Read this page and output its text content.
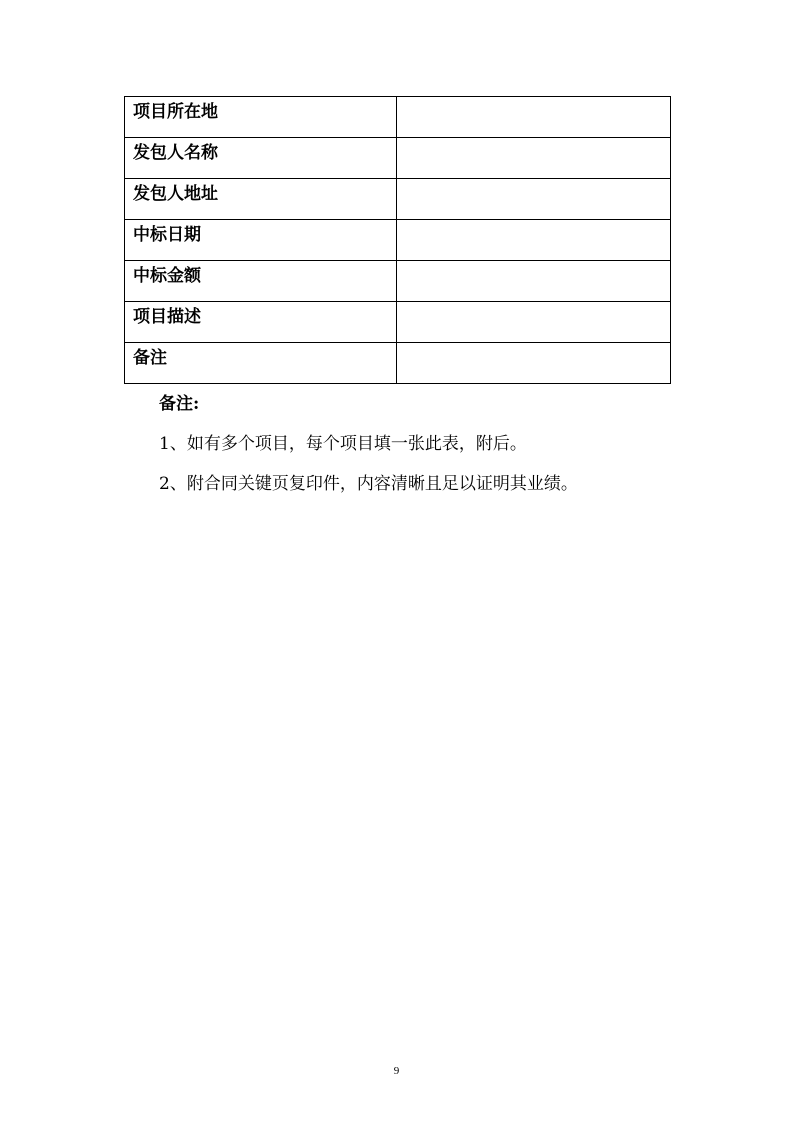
项目所在地	

发包人名称	

发包人地址	

中标日期	

中标金额	

项目描述	

备注	

备注:
1、如有多个项目，每个项目填一张此表，附后。
2、附合同关键页复印件，内容清晰且足以证明其业绩。
9
